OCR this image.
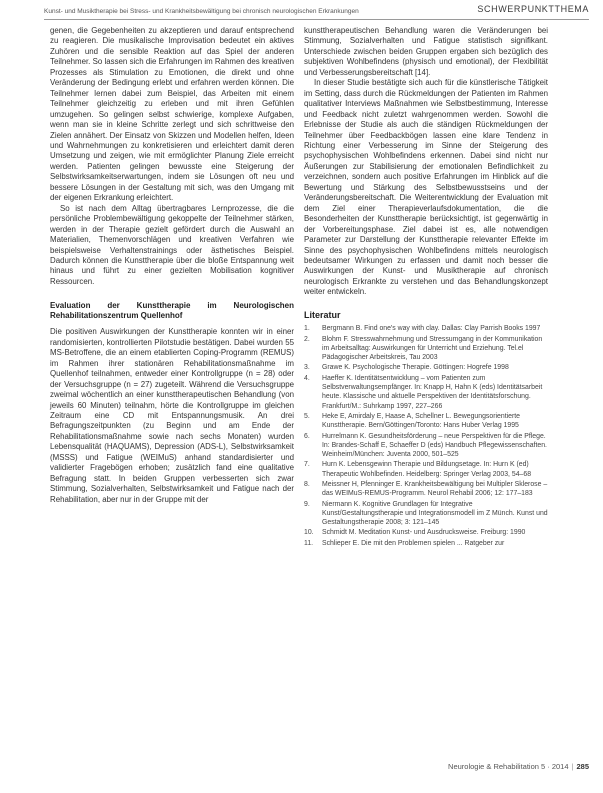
Kunst- und Musiktherapie bei Stress- und Krankheitsbewältigung bei chronisch neurologischen Erkrankungen	SCHWERPUNKTTHEMA

genen, die Gegebenheiten zu akzeptieren und darauf entsprechend zu reagieren. Die musikalische Improvisation bedeutet ein aktives Zuhören und die sensible Reaktion auf das Spiel der anderen Teilnehmer. So lassen sich die Erfahrungen im Rahmen des kreativen Prozesses als Stimulation zu Emotionen, die direkt und ohne Veränderung der Bedingung erlebt und erfahren werden können. Die Teilnehmer lernen dabei zum Beispiel, das Arbeiten mit einem Teilnehmer gleichzeitig zu erleben und mit ihren Gefühlen umzugehen. So gelingen selbst schwierige, komplexe Aufgaben, wenn man sie in kleine Schritte zerlegt und sich schrittweise den Zielen annähert. Der Einsatz von Skizzen und Modellen helfen, Ideen und Wahrnehmungen zu konkretisieren und erleichtert damit deren Umsetzung und zeigen, wie mit ermöglichter Planung Ziele erreicht werden. Patienten gelingen bewusste eine Steigerung der Selbstwirksamkeitserwartungen, indem sie Lösungen oft neu und bessere Lösungen in der Gestaltung mit sich, was den Umgang mit der eigenen Erkrankung erleichtert.

So ist nach dem Alltag übertragbares Lernprozesse, die die persönliche Problembewältigung gekoppelte der Teilnehmer stärken, werden in der Therapie gezielt gefördert durch die Auswahl an Materialien, Themenvorschlägen und kreativen Verfahren wie beispielsweise Verhaltenstrainings oder ästhetisches Beispiel. Dadurch können die Kunsttherapie über die bloße Entspannung weit hinaus und führt zu einer gezielten Mobilisation kognitiver Ressourcen.

Evaluation der Kunsttherapie im Neurologischen Rehabilitationszentrum Quellenhof

Die positiven Auswirkungen der Kunsttherapie konnten wir in einer randomisierten, kontrollierten Pilotstudie bestätigen. Dabei wurden 55 MS-Betroffene, die an einem etablierten Coping-Programm (REMUS) im Rahmen ihrer stationären Rehabilitationsmaßnahme im Quellenhof teilnahmen, entweder einer Kontrollgruppe (n = 28) oder der Versuchsgruppe (n = 27) zugeteilt. Während die Versuchsgruppe zweimal wöchentlich an einer kunsttherapeutischen Behandlung (von jeweils 60 Minuten) teilnahm, hörte die Kontrollgruppe im gleichen Zeitraum eine CD mit Entspannungsmusik. An drei Befragungszeitpunkten (zu Beginn und am Ende der Rehabilitationsmaßnahme sowie nach sechs Monaten) wurden Lebensqualität (HAQUAMS), Depression (ADS-L), Selbstwirksamkeit (MSSS) und Fatigue (WEIMuS) anhand standardisierter und validierter Fragebögen erhoben; zusätzlich fand eine qualitative Befragung statt. In beiden Gruppen verbesserten sich zwar Stimmung, Sozialverhalten, Selbstwirksamkeit und Fatigue nach der Rehabilitation, aber nur in der Gruppe mit der

kunsttherapeutischen Behandlung waren die Veränderungen bei Stimmung, Sozialverhalten und Fatigue statistisch signifikant. Unterschiede zwischen beiden Gruppen ergaben sich bezüglich des subjektiven Wohlbefindens (physisch und emotional), der Flexibilität und Verbesserungsbereitschaft [14].

In dieser Studie bestätigte sich auch für die künstlerische Tätigkeit im Setting, dass durch die Rückmeldungen der Patienten im Rahmen qualitativer Interviews Maßnahmen wie Selbstbestimmung, Interesse und Feedback nicht zuletzt wahrgenommen werden. Sowohl die Erlebnisse der Studie als auch die ständigen Rückmeldungen der Teilnehmer über Feedbackbögen lassen eine klare Tendenz in Richtung einer Verbesserung im Sinne der Steigerung des psychophysischen Wohlbefindens erkennen. Dabei sind nicht nur Äußerungen zur Stabilisierung der emotionalen Befindlichkeit zu verzeichnen, sondern auch positive Erfahrungen im Hinblick auf die Bewertung und Stärkung des Selbstbewusstseins und der Veränderungsbereitschaft. Die Weiterentwicklung der Evaluation mit dem Ziel einer Therapieverlaufsdokumentation, die die Besonderheiten der Kunsttherapie berücksichtigt, ist gegenwärtig in der Vorbereitungsphase. Ziel dabei ist es, alle notwendigen Parameter zur Darstellung der Kunsttherapie relevanter Effekte im Sinne des psychophysischen Wohlbefindens mittels neurologisch bedeutsamer Wirkungen zu erfassen und damit noch besser die Auswirkungen der Kunst- und Musiktherapie auf chronisch neurologisch Erkrankte zu verstehen und das Behandlungskonzept weiter entwickeln.

Literatur
1.	Bergmann B. Find one's way with clay. Dallas: Clay Parrish Books 1997
2.	Blohm F. Stresswahrnehmung und Stressumgang in der Kommunikation im Arbeitsalltag: Auswirkungen für Unterricht und Erziehung. Tel.el Pädagogischer Arbeitskreis, Tau 2003
3.	Grawe K. Psychologische Therapie. Göttingen: Hogrefe 1998
4.	Haeffer K. Identitätsentwicklung – vom Patienten zum Selbstverwaltungsempfänger. In: Knapp H, Hahn K (eds) Identitätsarbeit heute. Klassische und aktuelle Perspektiven der Identitätsforschung. Frankfurt/M.: Suhrkamp 1997, 227–266
5.	Heke E, Amirdaly E, Haase A, Schellner L. Bewegungsorientierte Kunsttherapie. Bern/Göttingen/Toronto: Hans Huber Verlag 1995
6.	Hurrelmann K. Gesundheitsförderung – neue Perspektiven für die Pflege. In: Brandes-Schaff E, Schaeffer D (eds) Handbuch Pflegewissenschaften. Weinheim/München: Juventa 2000, 501–525
7.	Hurn K. Lebensgewinn Therapie und Bildungsetage. In: Hurn K (ed) Therapeutic Wohlbefinden. Heidelberg: Springer Verlag 2003, 54–68
8.	Meissner H, Pfenninger E. Krankheitsbewältigung bei Multipler Sklerose – das WEIMuS-REMUS-Programm. Neurol Rehabil 2006; 12: 177–183
9.	Niermann K. Kognitive Grundlagen für Integrative Kunst/Gestaltungstherapie und Integrationsmodell im Z Münch. Kunst und Gestaltungstherapie 2008; 3: 121–145
10.	Schmidt M. Meditation Kunst- und Ausdrucksweise. Freiburg: 1990
11.	Schlieper E. Die mit den Problemen spielen ... Ratgeber zur
Neurologie & Rehabilitation 5 · 2014 | 285
